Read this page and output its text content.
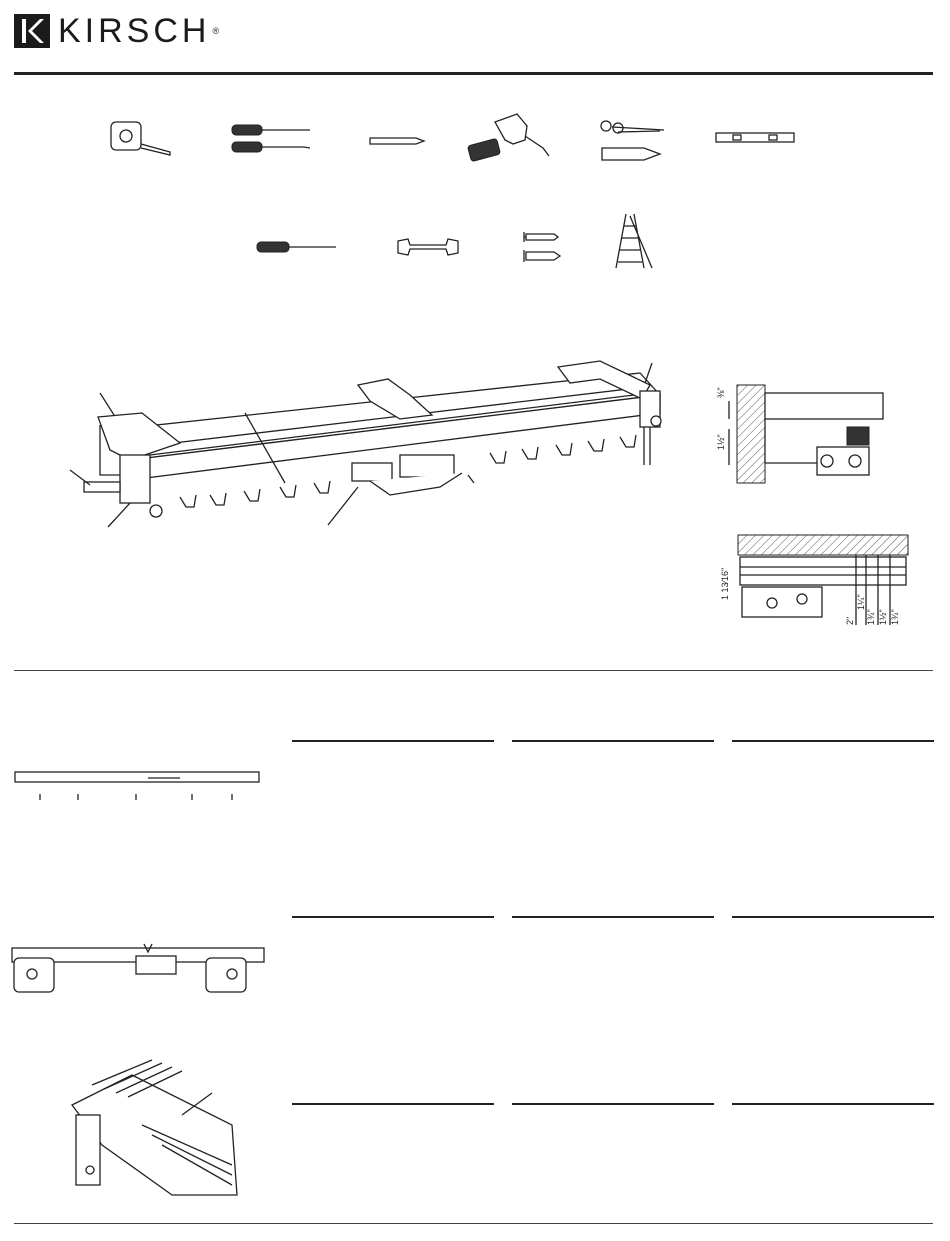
KIRSCH ®
⅜"
1½"
1 13⁄16"
2"
1¼"
1¾" 1½" 1¾"
